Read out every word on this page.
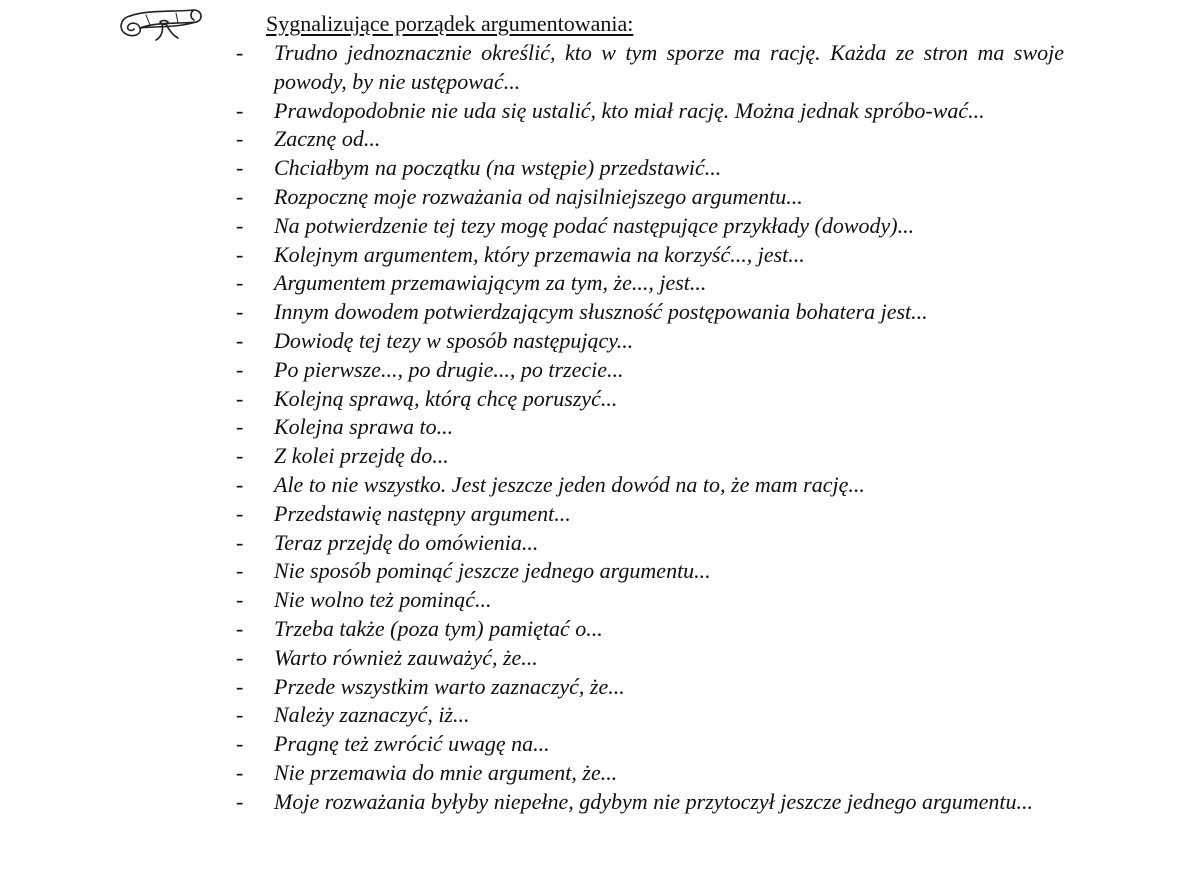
Sygnalizujące porządek argumentowania:
- Trudno jednoznacznie określić, kto w tym sporze ma rację. Każda ze stron ma swoje powody, by nie ustępować...
- Prawdopodobnie nie uda się ustalić, kto miał rację. Można jednak spróbo-wać...
- Zacznę od...
- Chciałbym na początku (na wstępie) przedstawić...
- Rozpocznę moje rozważania od najsilniejszego argumentu...
- Na potwierdzenie tej tezy mogę podać następujące przykłady (dowody)...
- Kolejnym argumentem, który przemawia na korzyść..., jest...
- Argumentem przemawiającym za tym, że..., jest...
- Innym dowodem potwierdzającym słuszność postępowania bohatera jest...
- Dowiodę tej tezy w sposób następujący...
- Po pierwsze..., po drugie..., po trzecie...
- Kolejną sprawą, którą chcę poruszyć...
- Kolejna sprawa to...
- Z kolei przejdę do...
- Ale to nie wszystko. Jest jeszcze jeden dowód na to, że mam rację...
- Przedstawię następny argument...
- Teraz przejdę do omówienia...
- Nie sposób pominąć jeszcze jednego argumentu...
- Nie wolno też pominąć...
- Trzeba także (poza tym) pamiętać o...
- Warto również zauważyć, że...
- Przede wszystkim warto zaznaczyć, że...
- Należy zaznaczyć, iż...
- Pragnę też zwrócić uwagę na...
- Nie przemawia do mnie argument, że...
- Moje rozważania byłyby niepełne, gdybym nie przytoczył jeszcze jednego argumentu...
